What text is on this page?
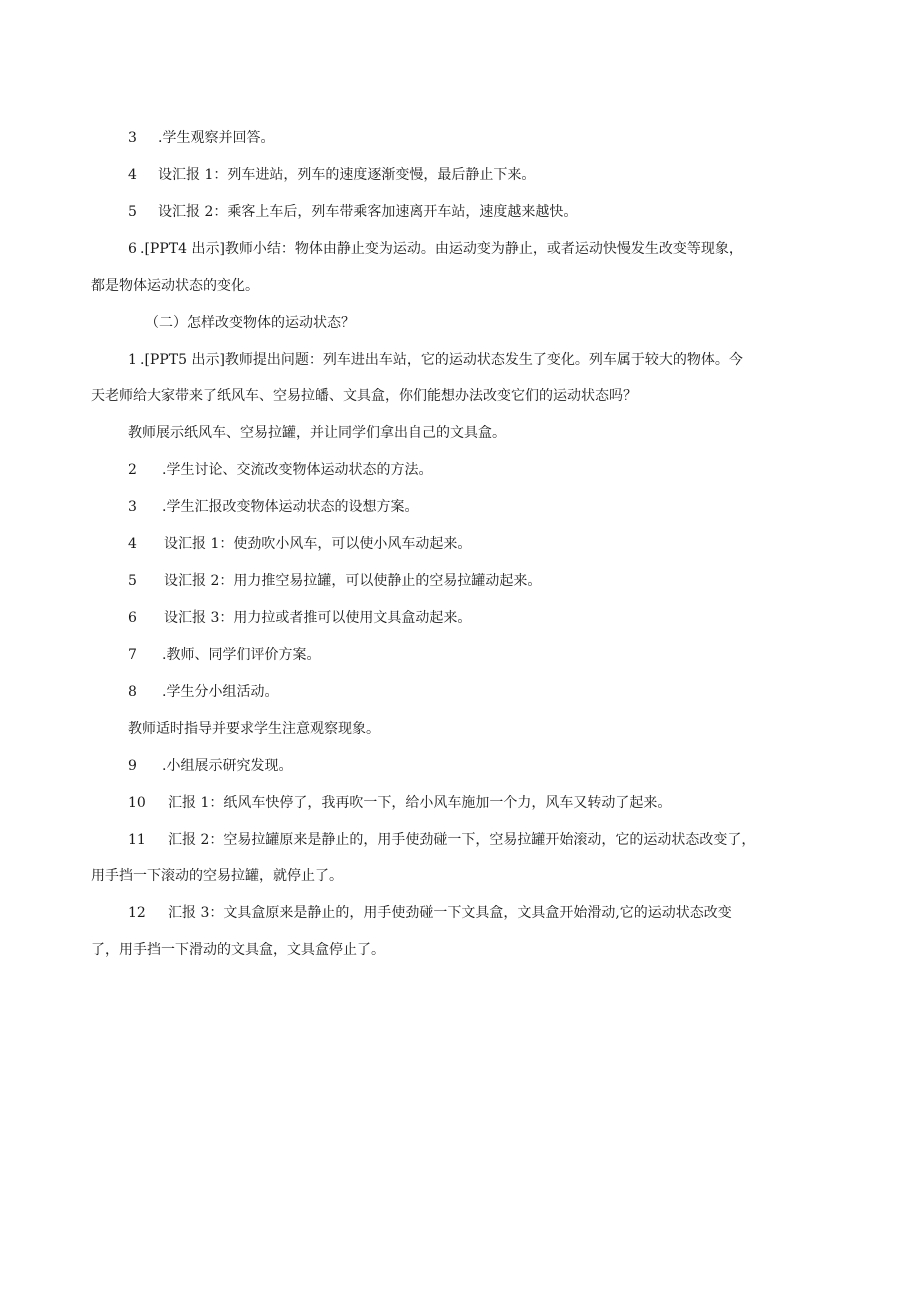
3 .学生观察并回答。
4 设汇报 1：列车进站，列车的速度逐渐变慢，最后静止下来。
5 设汇报 2：乘客上车后，列车带乘客加速离开车站，速度越来越快。
6 .[PPT4 出示]教师小结：物体由静止变为运动。由运动变为静止，或者运动快慢发生改变等现象，
都是物体运动状态的变化。
（二）怎样改变物体的运动状态？
1 .[PPT5 出示]教师提出问题：列车进出车站，它的运动状态发生了变化。列车属于较大的物体。今
天老师给大家带来了纸风车、空易拉皤、文具盒，你们能想办法改变它们的运动状态吗？
教师展示纸风车、空易拉罐，并让同学们拿出自己的文具盒。
2 .学生讨论、交流改变物体运动状态的方法。
3 .学生汇报改变物体运动状态的设想方案。
4 设汇报 1：使劲吹小风车，可以使小风车动起来。
5 设汇报 2：用力推空易拉罐，可以使静止的空易拉罐动起来。
6 设汇报 3：用力拉或者推可以使用文具盒动起来。
7 .教师、同学们评价方案。
8 .学生分小组活动。
教师适时指导并要求学生注意观察现象。
9 .小组展示研究发现。
10 汇报 1：纸风车快停了，我再吹一下，给小风车施加一个力，风车又转动了起来。
11 汇报 2：空易拉罐原来是静止的，用手使劲碰一下，空易拉罐开始滚动，它的运动状态改变了，
用手挡一下滚动的空易拉罐，就停止了。
12 汇报 3：文具盒原来是静止的，用手使劲碰一下文具盒，文具盒开始滑动,它的运动状态改变
了，用手挡一下滑动的文具盒，文具盒停止了。
